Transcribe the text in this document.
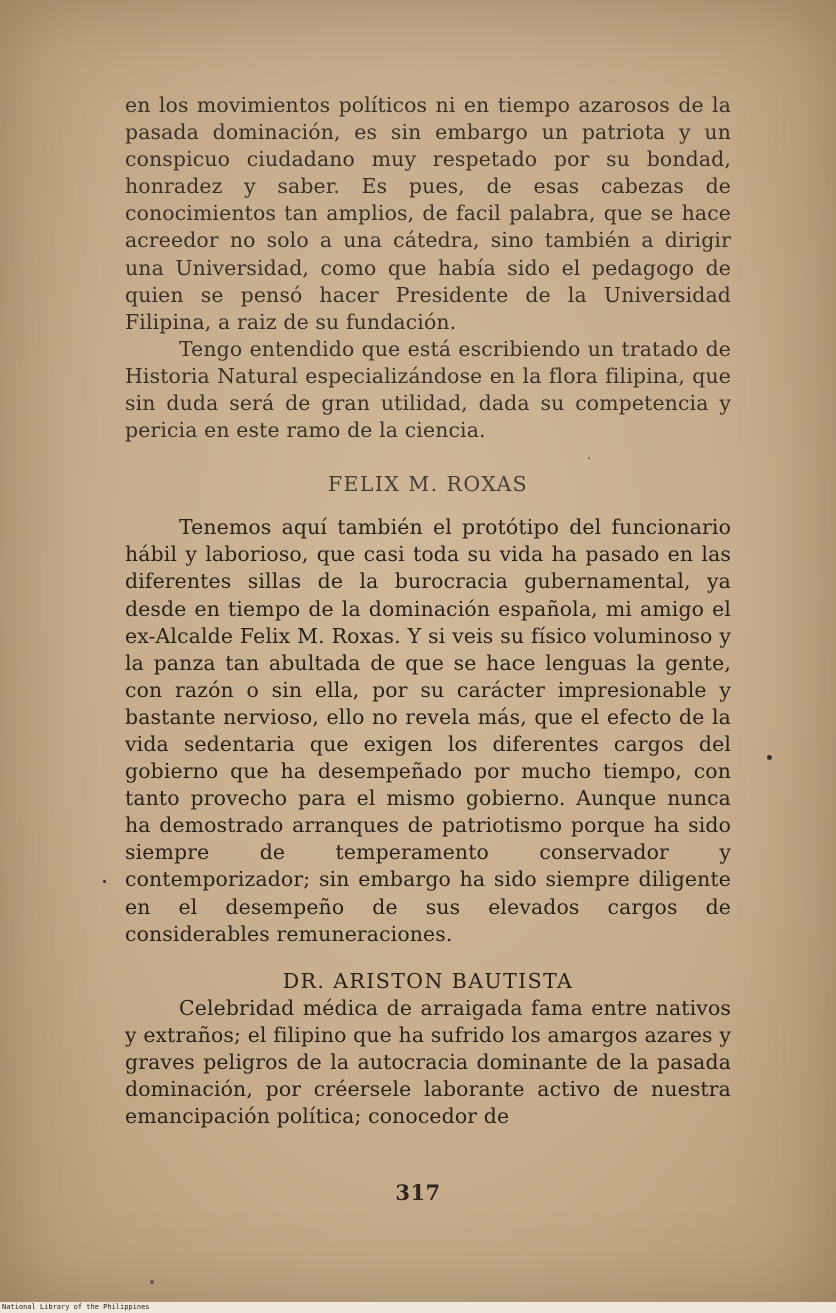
en los movimientos políticos ni en tiempo azarosos de la pasada dominación, es sin embargo un patriota y un conspicuo ciudadano muy respetado por su bondad, honradez y saber. Es pues, de esas cabezas de conocimientos tan amplios, de facil palabra, que se hace acreedor no solo a una cátedra, sino también a dirigir una Universidad, como que había sido el pedagogo de quien se pensó hacer Presidente de la Universidad Filipina, a raiz de su fundación.

Tengo entendido que está escribiendo un tratado de Historia Natural especializándose en la flora filipina, que sin duda será de gran utilidad, dada su competencia y pericia en este ramo de la ciencia.

FELIX M. ROXAS

Tenemos aquí también el protótipo del funcionario hábil y laborioso, que casi toda su vida ha pasado en las diferentes sillas de la burocracia gubernamental, ya desde en tiempo de la dominación española, mi amigo el ex-Alcalde Felix M. Roxas. Y si veis su físico voluminoso y la panza tan abultada de que se hace lenguas la gente, con razón o sin ella, por su carácter impresionable y bastante nervioso, ello no revela más, que el efecto de la vida sedentaria que exigen los diferentes cargos del gobierno que ha desempeñado por mucho tiempo, con tanto provecho para el mismo gobierno. Aunque nunca ha demostrado arranques de patriotismo porque ha sido siempre de temperamento conservador y contemporizador; sin embargo ha sido siempre diligente en el desempeño de sus elevados cargos de considerables remuneraciones.

DR. ARISTON BAUTISTA

Celebridad médica de arraigada fama entre nativos y extraños; el filipino que ha sufrido los amargos azares y graves peligros de la autocracia dominante de la pasada dominación, por créersele laborante activo de nuestra emancipación política; conocedor de

317
National Library of the Philippines
